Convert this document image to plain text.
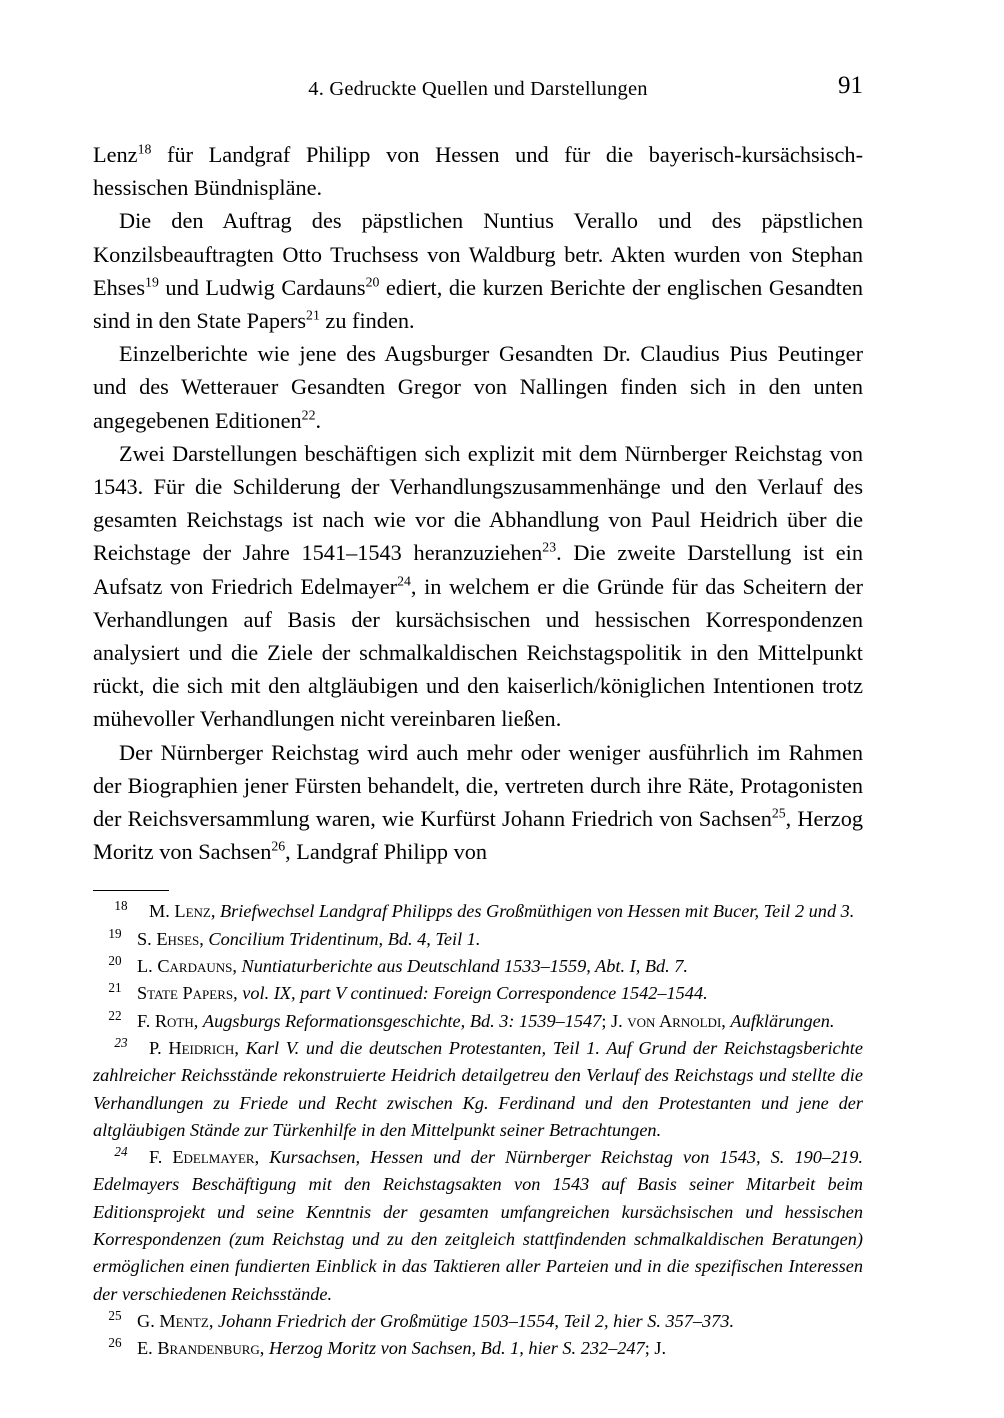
4. Gedruckte Quellen und Darstellungen	91

Lenz$^{18}$ für Landgraf Philipp von Hessen und für die bayerisch-kursächsisch-hessischen Bündnispläne.

Die den Auftrag des päpstlichen Nuntius Verallo und des päpstlichen Konzilsbeauftragten Otto Truchsess von Waldburg betr. Akten wurden von Stephan Ehses$^{19}$ und Ludwig Cardauns$^{20}$ ediert, die kurzen Berichte der englischen Gesandten sind in den State Papers$^{21}$ zu finden.

Einzelberichte wie jene des Augsburger Gesandten Dr. Claudius Pius Peutinger und des Wetterauer Gesandten Gregor von Nallingen finden sich in den unten angegebenen Editionen$^{22}$.

Zwei Darstellungen beschäftigen sich explizit mit dem Nürnberger Reichstag von 1543. Für die Schilderung der Verhandlungszusammenhänge und den Verlauf des gesamten Reichstags ist nach wie vor die Abhandlung von Paul Heidrich über die Reichstage der Jahre 1541–1543 heranzuziehen$^{23}$. Die zweite Darstellung ist ein Aufsatz von Friedrich Edelmayer$^{24}$, in welchem er die Gründe für das Scheitern der Verhandlungen auf Basis der kursächsischen und hessischen Korrespondenzen analysiert und die Ziele der schmalkaldischen Reichstagspolitik in den Mittelpunkt rückt, die sich mit den altgläubigen und den kaiserlich/königlichen Intentionen trotz mühevoller Verhandlungen nicht vereinbaren ließen.

Der Nürnberger Reichstag wird auch mehr oder weniger ausführlich im Rahmen der Biographien jener Fürsten behandelt, die, vertreten durch ihre Räte, Protagonisten der Reichsversammlung waren, wie Kurfürst Johann Friedrich von Sachsen$^{25}$, Herzog Moritz von Sachsen$^{26}$, Landgraf Philipp von

18 M. Lenz, Briefwechsel Landgraf Philipps des Großmüthigen von Hessen mit Bucer, Teil 2 und 3.

19 S. Ehses, Concilium Tridentinum, Bd. 4, Teil 1.

20 L. Cardauns, Nuntiaturberichte aus Deutschland 1533–1559, Abt. I, Bd. 7.

21 State Papers, vol. IX, part V continued: Foreign Correspondence 1542–1544.

22 F. Roth, Augsburgs Reformationsgeschichte, Bd. 3: 1539–1547; J. von Arnoldi, Aufklärungen.

23 P. Heidrich, Karl V. und die deutschen Protestanten, Teil 1. Auf Grund der Reichstagsberichte zahlreicher Reichsstände rekonstruierte Heidrich detailgetreu den Verlauf des Reichstags und stellte die Verhandlungen zu Friede und Recht zwischen Kg. Ferdinand und den Protestanten und jene der altgläubigen Stände zur Türkenhilfe in den Mittelpunkt seiner Betrachtungen.

24 F. Edelmayer, Kursachsen, Hessen und der Nürnberger Reichstag von 1543, S. 190–219. Edelmayers Beschäftigung mit den Reichstagsakten von 1543 auf Basis seiner Mitarbeit beim Editionsprojekt und seine Kenntnis der gesamten umfangreichen kursächsischen und hessischen Korrespondenzen (zum Reichstag und zu den zeitgleich stattfindenden schmalkaldischen Beratungen) ermöglichen einen fundierten Einblick in das Taktieren aller Parteien und in die spezifischen Interessen der verschiedenen Reichsstände.

25 G. Mentz, Johann Friedrich der Großmütige 1503–1554, Teil 2, hier S. 357–373.

26 E. Brandenburg, Herzog Moritz von Sachsen, Bd. 1, hier S. 232–247; J.
